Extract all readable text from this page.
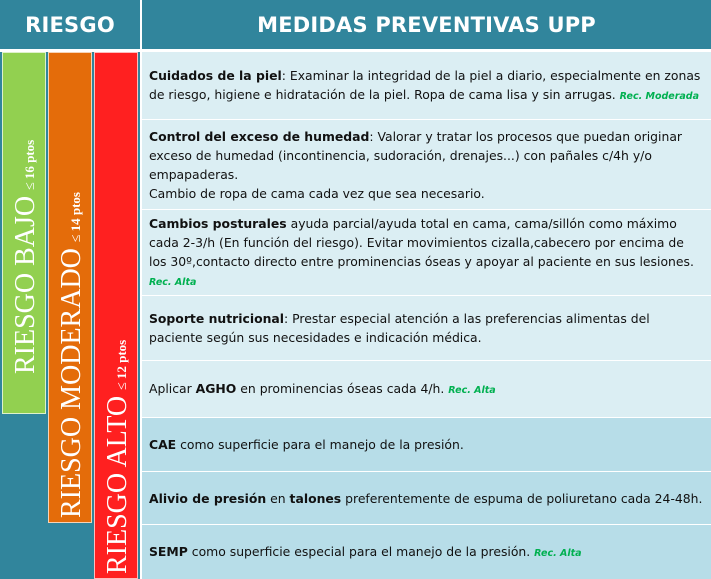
RIESGO	MEDIDAS PREVENTIVAS UPP
RIESGO BAJO≤16 ptos
RIESGO MODERADO≤14 ptos
RIESGO ALTO≤12 ptos

Cuidados de la piel: Examinar la integridad de la piel a diario, especialmente en zonas de riesgo, higiene e hidratación de la piel. Ropa de cama lisa y sin arrugas. Rec. Moderada

Control del exceso de humedad: Valorar y tratar los procesos que puedan originar exceso de humedad (incontinencia, sudoración, drenajes...) con pañales c/4h y/o empapaderas.

Cambio de ropa de cama cada vez que sea necesario.

Cambios posturales ayuda parcial/ayuda total en cama, cama/sillón como máximo cada 2-3/h (En función del riesgo). Evitar movimientos cizalla,cabecero por encima de los 30º,contacto directo entre prominencias óseas y apoyar al paciente en sus lesiones. Rec. Alta

Soporte nutricional: Prestar especial atención a las preferencias alimentas del paciente según sus necesidades e indicación médica.

Aplicar AGHO en prominencias óseas cada 4/h. Rec. Alta

CAE como superficie para el manejo de la presión.

Alivio de presión en talones preferentemente de espuma de poliuretano cada 24-48h.

SEMP como superficie especial para el manejo de la presión. Rec. Alta
